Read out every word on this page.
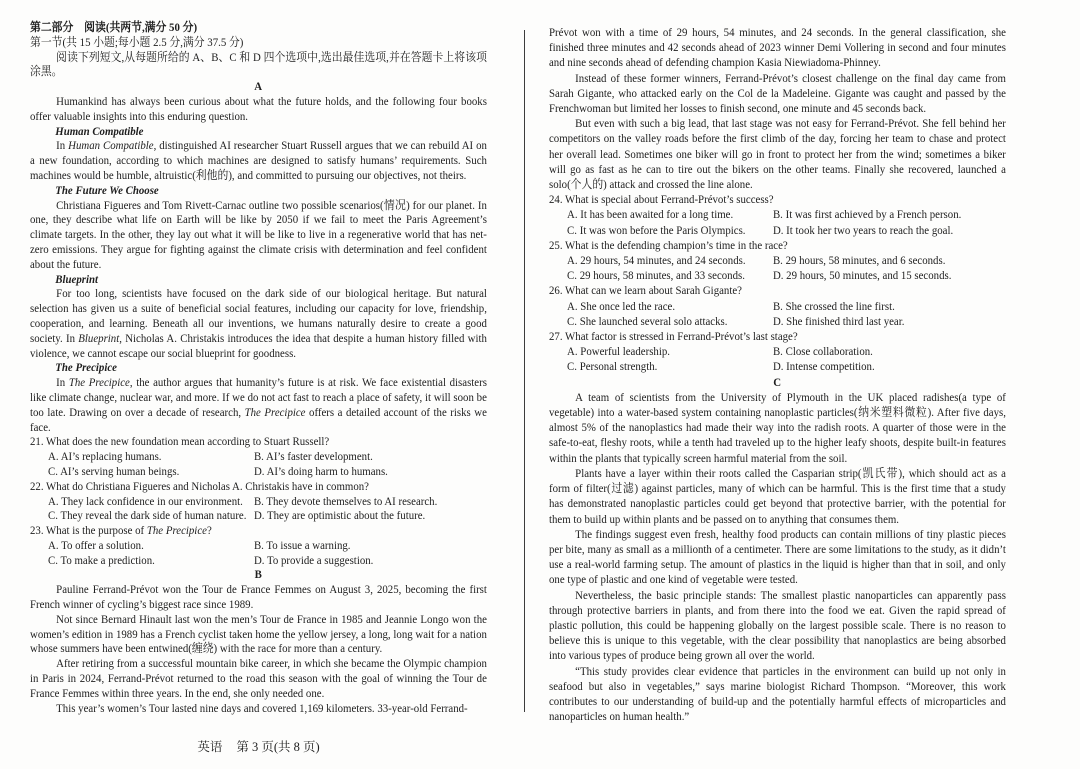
第二部分　阅读(共两节,满分 50 分)
第一节(共 15 小题;每小题 2.5 分,满分 37.5 分)
阅读下列短文,从每题所给的 A、B、C 和 D 四个选项中,选出最佳选项,并在答题卡上将该项涂黑。
A
Humankind has always been curious about what the future holds, and the following four books offer valuable insights into this enduring question.
Human Compatible
In Human Compatible, distinguished AI researcher Stuart Russell argues that we can rebuild AI on a new foundation, according to which machines are designed to satisfy humans’ requirements. Such machines would be humble, altruistic(利他的), and committed to pursuing our objectives, not theirs.
The Future We Choose
Christiana Figueres and Tom Rivett-Carnac outline two possible scenarios(情况) for our planet. In one, they describe what life on Earth will be like by 2050 if we fail to meet the Paris Agreement’s climate targets. In the other, they lay out what it will be like to live in a regenerative world that has net-zero emissions. They argue for fighting against the climate crisis with determination and feel confident about the future.
Blueprint
For too long, scientists have focused on the dark side of our biological heritage. But natural selection has given us a suite of beneficial social features, including our capacity for love, friendship, cooperation, and learning. Beneath all our inventions, we humans naturally desire to create a good society. In Blueprint, Nicholas A. Christakis introduces the idea that despite a human history filled with violence, we cannot escape our social blueprint for goodness.
The Precipice
In The Precipice, the author argues that humanity’s future is at risk. We face existential disasters like climate change, nuclear war, and more. If we do not act fast to reach a place of safety, it will soon be too late. Drawing on over a decade of research, The Precipice offers a detailed account of the risks we face.
21. What does the new foundation mean according to Stuart Russell?
A. AI’s replacing humans.	B. AI’s faster development.
C. AI’s serving human beings.	D. AI’s doing harm to humans.
22. What do Christiana Figueres and Nicholas A. Christakis have in common?
A. They lack confidence in our environment. B. They devote themselves to AI research.
C. They reveal the dark side of human nature. D. They are optimistic about the future.
23. What is the purpose of The Precipice?
A. To offer a solution.	B. To issue a warning.
C. To make a prediction.	D. To provide a suggestion.
B
Pauline Ferrand-Prévot won the Tour de France Femmes on August 3, 2025, becoming the first French winner of cycling’s biggest race since 1989.
Not since Bernard Hinault last won the men’s Tour de France in 1985 and Jeannie Longo won the women’s edition in 1989 has a French cyclist taken home the yellow jersey, a long, long wait for a nation whose summers have been entwined(缠绕) with the race for more than a century.
After retiring from a successful mountain bike career, in which she became the Olympic champion in Paris in 2024, Ferrand-Prévot returned to the road this season with the goal of winning the Tour de France Femmes within three years. In the end, she only needed one.
This year’s women’s Tour lasted nine days and covered 1,169 kilometers. 33-year-old Ferrand-
Prévot won with a time of 29 hours, 54 minutes, and 24 seconds. In the general classification, she finished three minutes and 42 seconds ahead of 2023 winner Demi Vollering in second and four minutes and nine seconds ahead of defending champion Kasia Niewiadoma-Phinney.
Instead of these former winners, Ferrand-Prévot’s closest challenge on the final day came from Sarah Gigante, who attacked early on the Col de la Madeleine. Gigante was caught and passed by the Frenchwoman but limited her losses to finish second, one minute and 45 seconds back.
But even with such a big lead, that last stage was not easy for Ferrand-Prévot. She fell behind her competitors on the valley roads before the first climb of the day, forcing her team to chase and protect her overall lead. Sometimes one biker will go in front to protect her from the wind; sometimes a biker will go as fast as he can to tire out the bikers on the other teams. Finally she recovered, launched a solo(个人的) attack and crossed the line alone.
24. What is special about Ferrand-Prévot’s success?
A. It has been awaited for a long time.	B. It was first achieved by a French person.
C. It was won before the Paris Olympics.	D. It took her two years to reach the goal.
25. What is the defending champion’s time in the race?
A. 29 hours, 54 minutes, and 24 seconds.	B. 29 hours, 58 minutes, and 6 seconds.
C. 29 hours, 58 minutes, and 33 seconds.	D. 29 hours, 50 minutes, and 15 seconds.
26. What can we learn about Sarah Gigante?
A. She once led the race.	B. She crossed the line first.
C. She launched several solo attacks.	D. She finished third last year.
27. What factor is stressed in Ferrand-Prévot’s last stage?
A. Powerful leadership.	B. Close collaboration.
C. Personal strength.	D. Intense competition.
C
A team of scientists from the University of Plymouth in the UK placed radishes(a type of vegetable) into a water-based system containing nanoplastic particles(纳米塑料微粒). After five days, almost 5% of the nanoplastics had made their way into the radish roots. A quarter of those were in the safe-to-eat, fleshy roots, while a tenth had traveled up to the higher leafy shoots, despite built-in features within the plants that typically screen harmful material from the soil.
Plants have a layer within their roots called the Casparian strip(凯氏带), which should act as a form of filter(过滤) against particles, many of which can be harmful. This is the first time that a study has demonstrated nanoplastic particles could get beyond that protective barrier, with the potential for them to build up within plants and be passed on to anything that consumes them.
The findings suggest even fresh, healthy food products can contain millions of tiny plastic pieces per bite, many as small as a millionth of a centimeter. There are some limitations to the study, as it didn’t use a real-world farming setup. The amount of plastics in the liquid is higher than that in soil, and only one type of plastic and one kind of vegetable were tested.
Nevertheless, the basic principle stands: The smallest plastic nanoparticles can apparently pass through protective barriers in plants, and from there into the food we eat. Given the rapid spread of plastic pollution, this could be happening globally on the largest possible scale. There is no reason to believe this is unique to this vegetable, with the clear possibility that nanoplastics are being absorbed into various types of produce being grown all over the world.
“This study provides clear evidence that particles in the environment can build up not only in seafood but also in vegetables,” says marine biologist Richard Thompson. “Moreover, this work contributes to our understanding of build-up and the potentially harmful effects of microparticles and nanoparticles on human health.”
英语 第 3 页(共 8 页)
